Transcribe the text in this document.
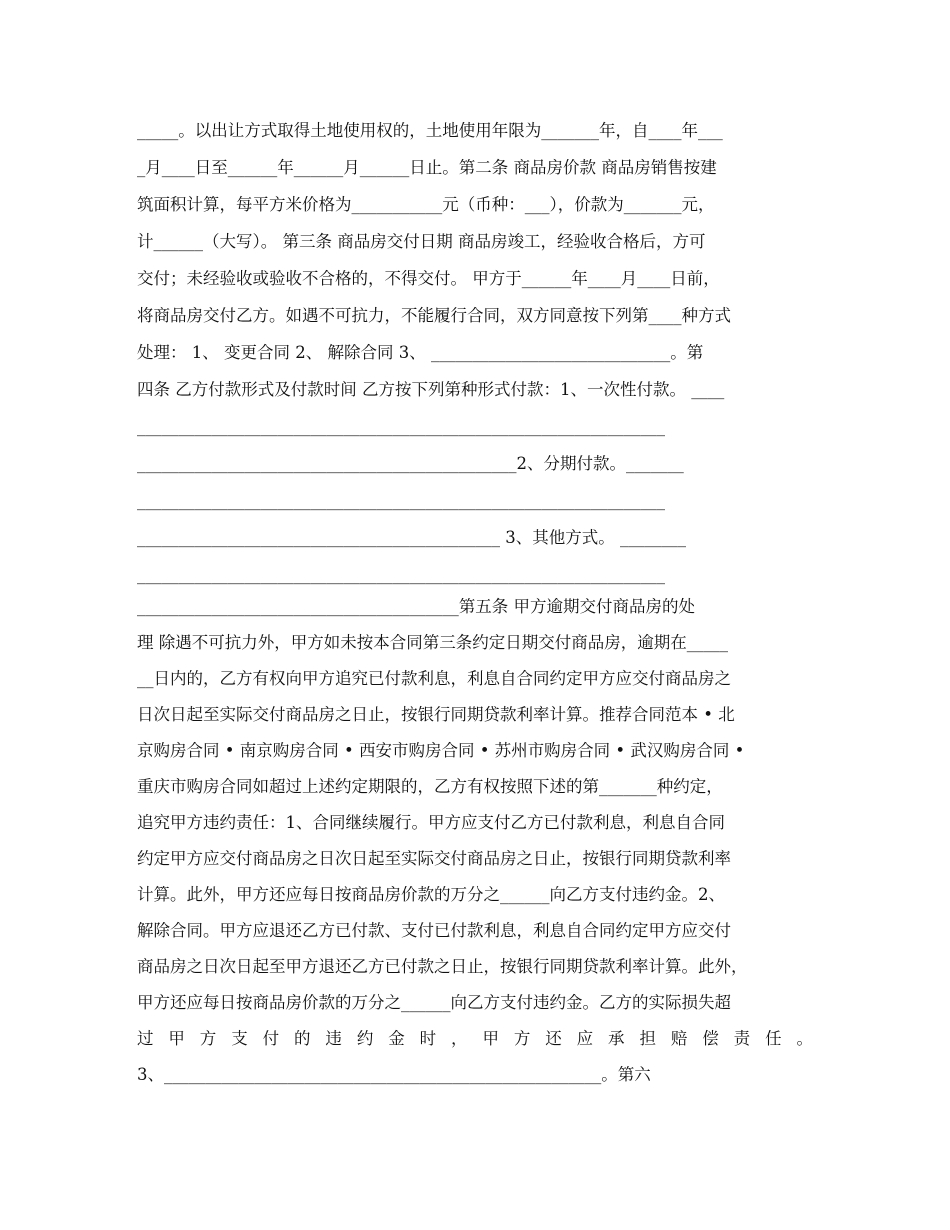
_____。以出让方式取得土地使用权的，土地使用年限为_______年，自____年___
_月____日至______年______月______日止。第二条 商品房价款 商品房销售按建
筑面积计算，每平方米价格为___________元（币种：___），价款为_______元，
计______（大写）。 第三条 商品房交付日期 商品房竣工，经验收合格后，方可
交付；未经验收或验收不合格的，不得交付。 甲方于______年____月____日前，
将商品房交付乙方。如遇不可抗力，不能履行合同，双方同意按下列第____种方式
处理： 1、 变更合同 2、 解除合同 3、 _____________________________。第
四条 乙方付款形式及付款时间 乙方按下列第种形式付款：1、一次性付款。 ____
________________________________________________________________
______________________________________________2、分期付款。_______
________________________________________________________________
____________________________________________ 3、其他方式。 ________
________________________________________________________________
_______________________________________第五条 甲方逾期交付商品房的处
理 除遇不可抗力外，甲方如未按本合同第三条约定日期交付商品房，逾期在_____
__日内的，乙方有权向甲方追究已付款利息，利息自合同约定甲方应交付商品房之
日次日起至实际交付商品房之日止，按银行同期贷款利率计算。推荐合同范本 • 北
京购房合同 • 南京购房合同 • 西安市购房合同 • 苏州市购房合同 • 武汉购房合同 •
重庆市购房合同如超过上述约定期限的，乙方有权按照下述的第_______种约定，
追究甲方违约责任：1、合同继续履行。甲方应支付乙方已付款利息，利息自合同
约定甲方应交付商品房之日次日起至实际交付商品房之日止，按银行同期贷款利率
计算。此外，甲方还应每日按商品房价款的万分之______向乙方支付违约金。2、
解除合同。甲方应退还乙方已付款、支付已付款利息，利息自合同约定甲方应交付
商品房之日次日起至甲方退还乙方已付款之日止，按银行同期贷款利率计算。此外，
甲方还应每日按商品房价款的万分之______向乙方支付违约金。乙方的实际损失超
过 甲 方 支 付 的 违 约 金 时 ， 甲 方 还 应 承 担 赔 偿 责 任 。
3、_____________________________________________________。第六
